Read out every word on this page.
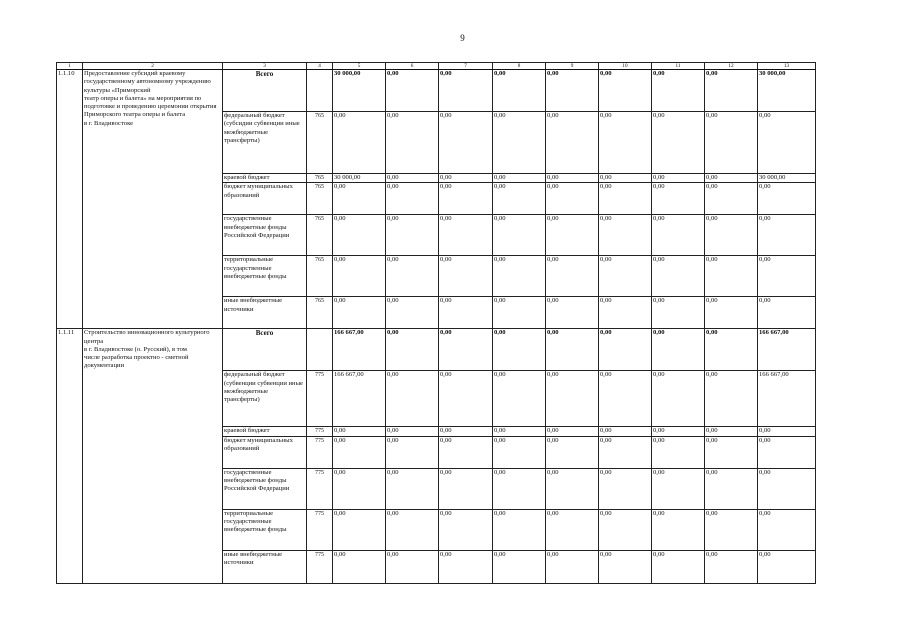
9
1	2	3	4	5	6	7	8	9	10	11	12	13
1.1.10	Предоставление субсидий краевому государственному автономному учреждению культуры «Приморский
театр оперы и балета» на мероприятия по подготовке и проведению церемонии открытия Приморского театра оперы и балета
в г. Владивостоке	Всего		30 000,00	0,00	0,00	0,00	0,00	0,00	0,00	0,00	30 000,00
		федеральный бюджет (субсидии субвенции иные межбюджетные трансферты)	765	0,00	0,00	0,00	0,00	0,00	0,00	0,00	0,00	0,00
		краевой бюджет	765	30 000,00	0,00	0,00	0,00	0,00	0,00	0,00	0,00	30 000,00
		бюджет муниципальных образований	765	0,00	0,00	0,00	0,00	0,00	0,00	0,00	0,00	0,00
		государственные внебюджетные фонды Российской Федерации	765	0,00	0,00	0,00	0,00	0,00	0,00	0,00	0,00	0,00
		территориальные государственные внебюджетные фонды	765	0,00	0,00	0,00	0,00	0,00	0,00	0,00	0,00	0,00
		иные внебюджетные источники	765	0,00	0,00	0,00	0,00	0,00	0,00	0,00	0,00	0,00
1.1.11	Строительство инновационного культурного центра
в г. Владивостоке (о. Русский), в том
числе разработка проектно - сметной документации	Всего		166 667,00	0,00	0,00	0,00	0,00	0,00	0,00	0,00	166 667,00
		федеральный бюджет (субвенции субвенции иные межбюджетные трансферты)	775	166 667,00	0,00	0,00	0,00	0,00	0,00	0,00	0,00	166 667,00
		краевой бюджет	775	0,00	0,00	0,00	0,00	0,00	0,00	0,00	0,00	0,00
		бюджет муниципальных образований	775	0,00	0,00	0,00	0,00	0,00	0,00	0,00	0,00	0,00
		государственные внебюджетные фонды Российской Федерации	775	0,00	0,00	0,00	0,00	0,00	0,00	0,00	0,00	0,00
		территориальные государственные внебюджетные фонды	775	0,00	0,00	0,00	0,00	0,00	0,00	0,00	0,00	0,00
		иные внебюджетные источники	775	0,00	0,00	0,00	0,00	0,00	0,00	0,00	0,00	0,00
